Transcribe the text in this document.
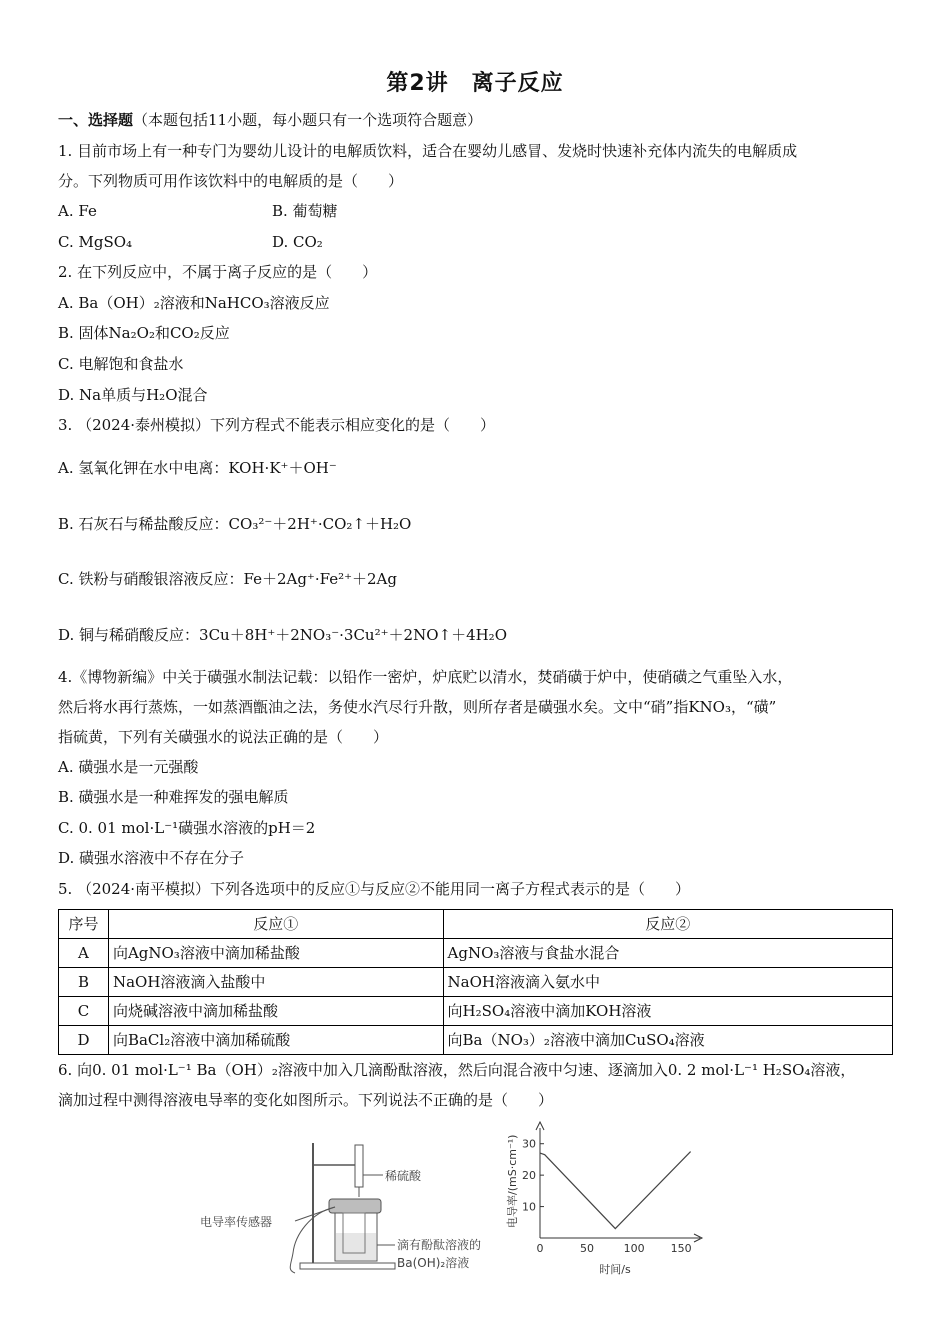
第2讲　离子反应
一、选择题（本题包括11小题，每小题只有一个选项符合题意）
1. 目前市场上有一种专门为婴幼儿设计的电解质饮料，适合在婴幼儿感冒、发烧时快速补充体内流失的电解质成
分。下列物质可用作该饮料中的电解质的是（　　）
A. Fe	B. 葡萄糖
C. MgSO₄	D. CO₂
2. 在下列反应中，不属于离子反应的是（　　）
A. Ba（OH）₂溶液和NaHCO₃溶液反应
B. 固体Na₂O₂和CO₂反应
C. 电解饱和食盐水
D. Na单质与H₂O混合
3. （2024·泰州模拟）下列方程式不能表示相应变化的是（　　）
A. 氢氧化钾在水中电离：KOH·K⁺＋OH⁻
B. 石灰石与稀盐酸反应：CO₃²⁻＋2H⁺·CO₂↑＋H₂O
C. 铁粉与硝酸银溶液反应：Fe＋2Ag⁺·Fe²⁺＋2Ag
D. 铜与稀硝酸反应：3Cu＋8H⁺＋2NO₃⁻·3Cu²⁺＋2NO↑＋4H₂O
4.《博物新编》中关于磺强水制法记载：以铅作一密炉，炉底贮以清水，焚硝磺于炉中，使硝磺之气重坠入水，
然后将水再行蒸炼，一如蒸酒甑油之法，务使水汽尽行升散，则所存者是磺强水矣。文中“硝”指KNO₃，“磺”
指硫黄，下列有关磺强水的说法正确的是（　　）
A. 磺强水是一元强酸
B. 磺强水是一种难挥发的强电解质
C. 0. 01 mol·L⁻¹磺强水溶液的pH＝2
D. 磺强水溶液中不存在分子
5. （2024·南平模拟）下列各选项中的反应①与反应②不能用同一离子方程式表示的是（　　）
序号	反应①	反应②
A	向AgNO₃溶液中滴加稀盐酸	AgNO₃溶液与食盐水混合
B	NaOH溶液滴入盐酸中	NaOH溶液滴入氨水中
C	向烧碱溶液中滴加稀盐酸	向H₂SO₄溶液中滴加KOH溶液
D	向BaCl₂溶液中滴加稀硫酸	向Ba（NO₃）₂溶液中滴加CuSO₄溶液
6. 向0. 01 mol·L⁻¹ Ba（OH）₂溶液中加入几滴酚酞溶液，然后向混合液中匀速、逐滴加入0. 2 mol·L⁻¹ H₂SO₄溶液，
滴加过程中测得溶液电导率的变化如图所示。下列说法不正确的是（　　）
稀硫酸
电导率传感器
滴有酚酞溶液的
Ba(OH)₂溶液
电导率/(mS·cm⁻¹)
时间/s
0	50	100 150
10
20
30
